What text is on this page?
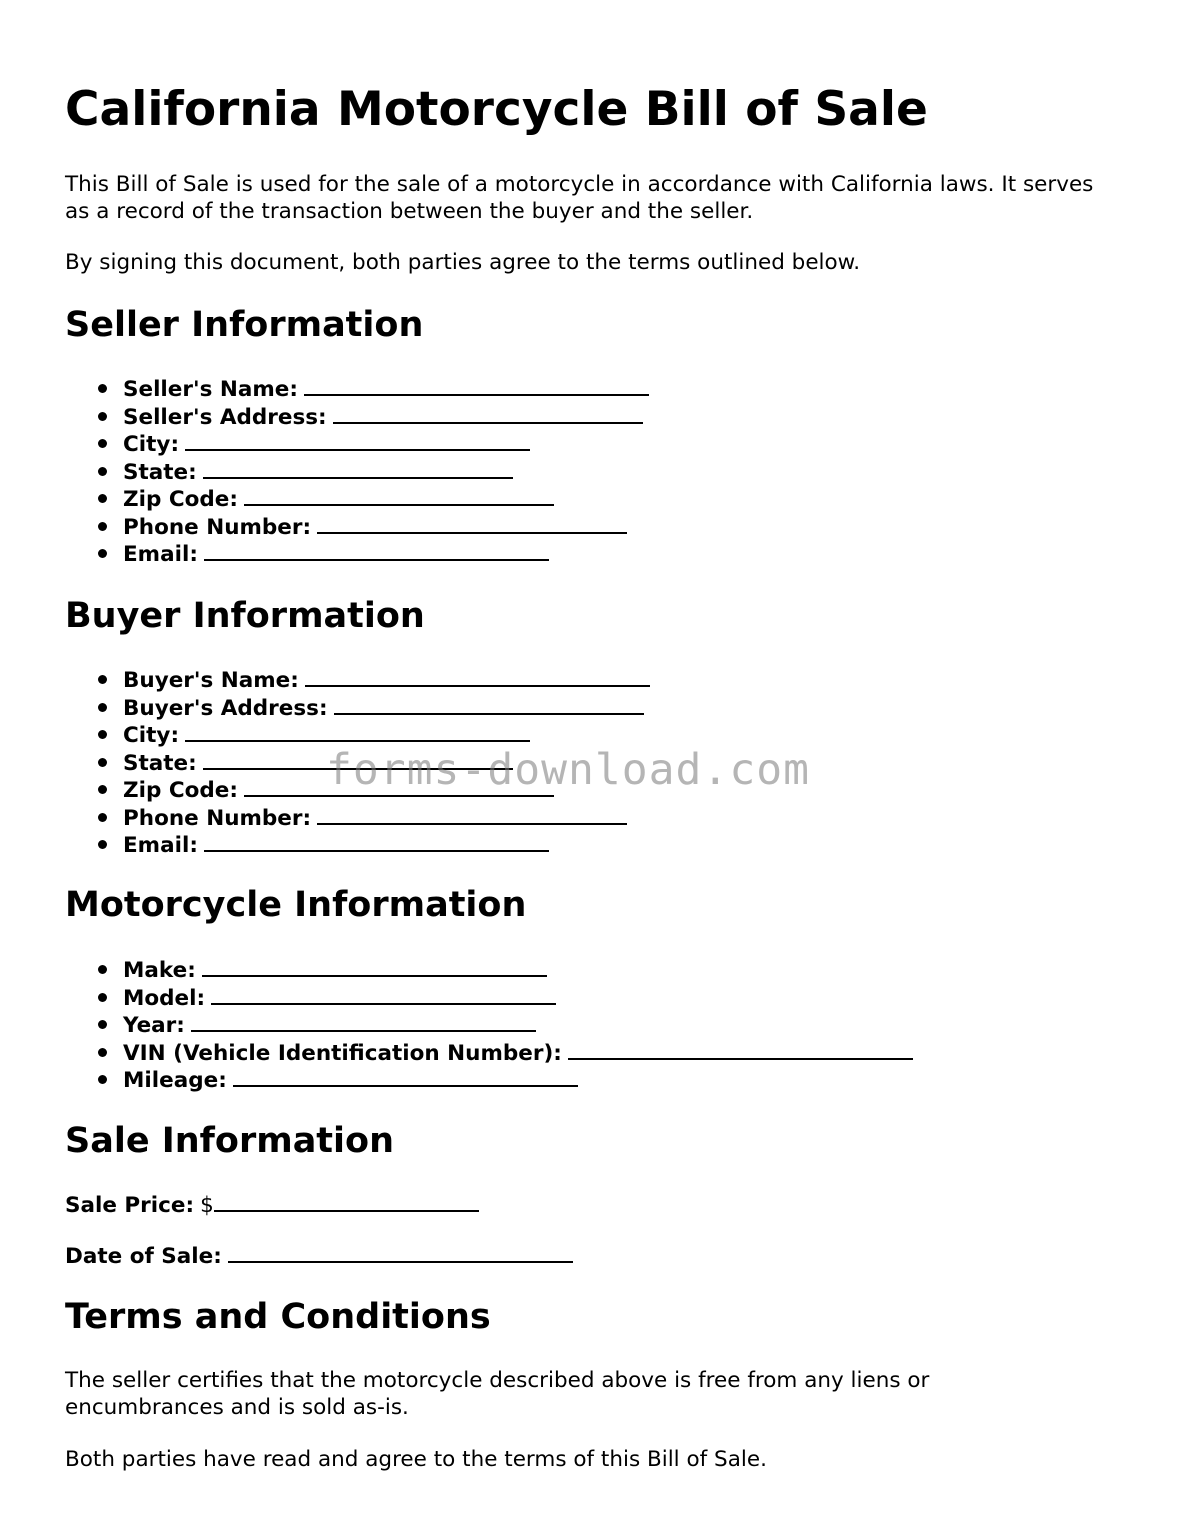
California Motorcycle Bill of Sale

This Bill of Sale is used for the sale of a motorcycle in accordance with California laws. It serves as a record of the transaction between the buyer and the seller.

By signing this document, both parties agree to the terms outlined below.

Seller Information
Seller's Name:
Seller's Address:
City:
State:
Zip Code:
Phone Number:
Email:
Buyer Information
Buyer's Name:
Buyer's Address:
City:
State:
Zip Code:
Phone Number:
Email:
Motorcycle Information
Make:
Model:
Year:
VIN (Vehicle Identification Number):
Mileage:
Sale Information
Sale Price: $
Date of Sale:
Terms and Conditions

The seller certifies that the motorcycle described above is free from any liens or encumbrances and is sold as-is.

Both parties have read and agree to the terms of this Bill of Sale.

forms-download.com
